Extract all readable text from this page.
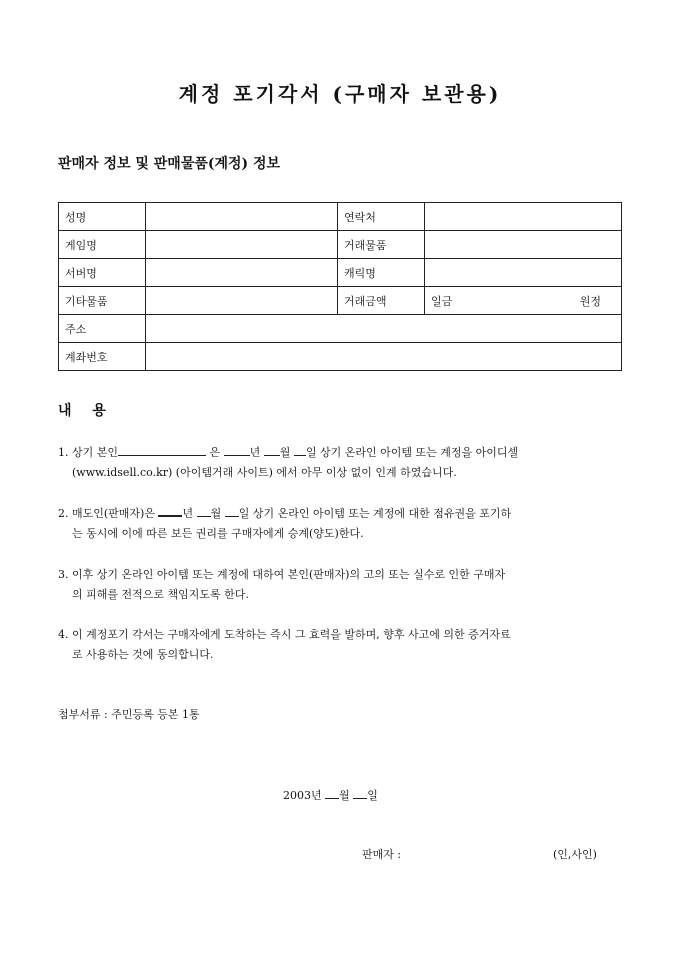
계정 포기각서 (구매자 보관용)
판매자 정보 및 판매물품(계정) 정보
성명		연락처	
게임명		거래물품	
서버명		캐릭명	
기타물품		거래금액	일금 원정

주소			
계좌번호			
내 용
1. 상기 본인	은	년 월 일 상기 온라인 아이템 또는 계정을 아이디셀
(www.idsell.co.kr) (아이템거래 사이트) 에서 아무 이상 없이 인계 하였습니다.
2. 매도인(판매자)은	년 월 일 상기 온라인 아이템 또는 계정에 대한 점유권을 포기하
는 동시에 이에 따른 보든 권리를 구매자에게 승계(양도)한다.
3. 이후 상기 온라인 아이템 또는 계정에 대하여 본인(판매자)의 고의 또는 실수로 인한 구매자
의 피해를 전적으로 책임지도록 한다.
4. 이 계정포기 각서는 구매자에게 도착하는 즉시 그 효력을 발하며, 향후 사고에 의한 증거자료
로 사용하는 것에 동의합니다.
첨부서류 : 주민등록 등본 1통
2003년 월 일
판매자 :	(인,사인)
